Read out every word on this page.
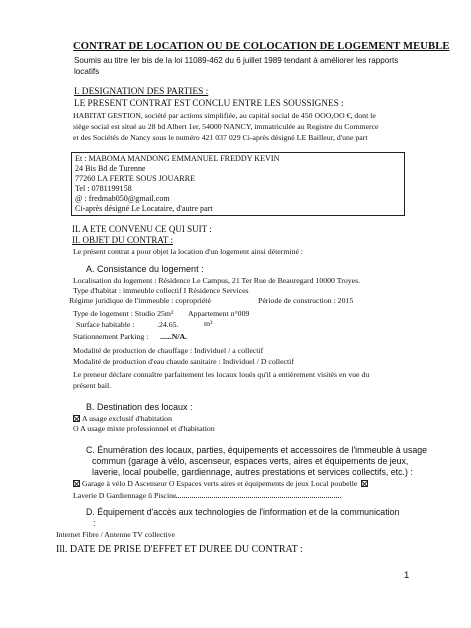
CONTRAT DE LOCATION OU DE COLOCATION DE LOGEMENT MEUBLE
Soumis au titre Ier bis de la loi 11089-462 du 6 juillet 1989 tendant à améliorer les rapports locatifs
I. DESIGNATION DES PARTIES :
LE PRESENT CONTRAT EST CONCLU ENTRE LES SOUSSIGNES :
HABITAT GESTION, société par actions simplifiée, au capital social de 450 OOO,OO €, dont le
siège social est situé au 28 bd Albert 1er, 54000 NANCY, immatriculée au Registre du Commerce
et des Sociétés de Nancy sous le numéro 421 037 029 Ci-après désigné LE Bailleur, d'une part
Et : MABOMA MANDONG EMMANUEL FREDDY KEVIN
24 Bis Bd de Turenne
77260 LA FERTE SOUS JOUARRE
Tel : 0781199158
@ : fredmab050@gmail.com
Ci-après désigné Le Locataire, d'autre part
IL A ETE CONVENU CE QUI SUIT :
II. OBJET DU CONTRAT :
Le présent contrat a pour objet la location d'un logement ainsi déterminé :
A. Consistance du logement :
Localisation du logement : Résidence Le Campus, 21 Ter Rue de Beauregard 10000 Troyes.
Type d'habitat : immeuble collectif I Résidence Services
Régime juridique de l'immeuble : copropriété	Période de construction : 2015
Type de logement : Studio 25m² Appartement n°009
Surface habitable :	.24.65.	m²
Stationnement Parking : ......N/A.
Modalité de production de chauffage : Individuel / a collectif
Modalité de production d'eau chaude sanitaire : Individuel / D collectif
Le preneur déclare connaître parfaitement les locaux loués qu'il a entièrement visités en vue du
présent bail.
B. Destination des locaux :
A usage exclusif d'habitation
O A usage mixte professionnel et d'habitation
C. Énumération des locaux, parties, équipements et accessoires de l'immeuble à usage
commun (garage à vélo, ascenseur, espaces verts, aires et équipements de jeux,
laverie, local poubelle, gardiennage, autres prestations et services collectifs, etc.) :
Garage à vélo D Ascenseur O Espaces verts aires et équipements de jeux Local poubelle
Laverie D Gardiennage û Piscine
D. Équipement d'accès aux technologies de l'information et de la communication
:
Internet Fibre / Antenne TV collective
Ill. DATE DE PRISE D'EFFET ET DUREE DU CONTRAT :
1
